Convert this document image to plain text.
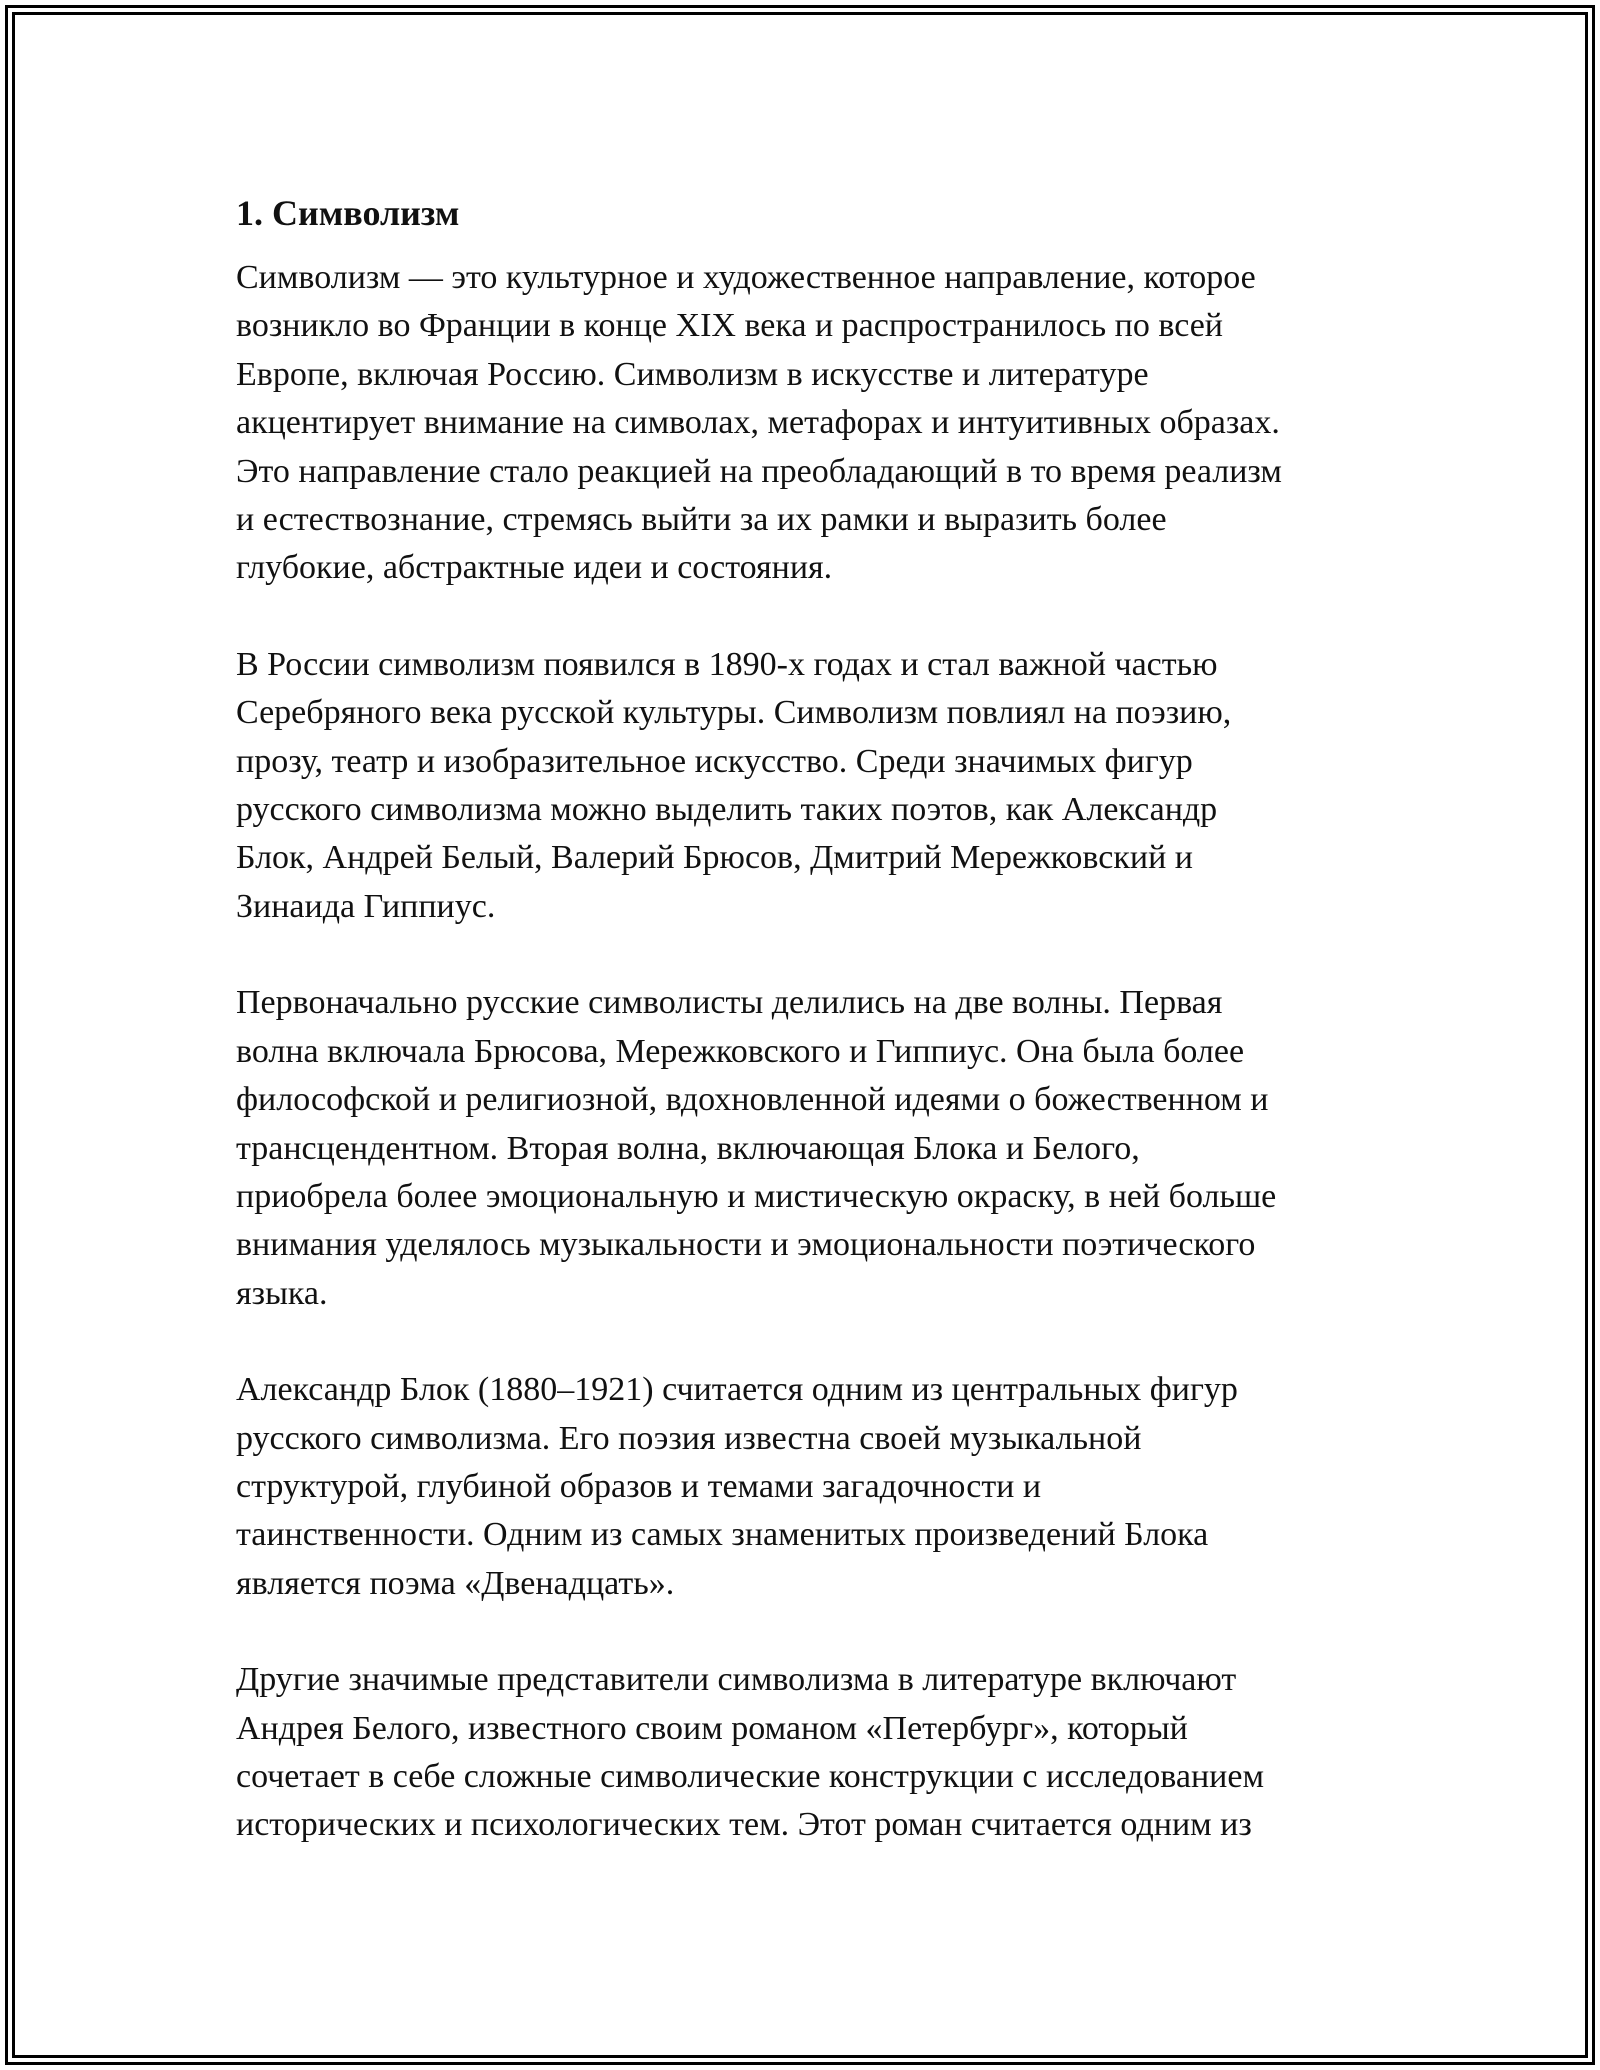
1. Символизм

Символизм — это культурное и художественное направление, которое
возникло во Франции в конце XIX века и распространилось по всей
Европе, включая Россию. Символизм в искусстве и литературе
акцентирует внимание на символах, метафорах и интуитивных образах.
Это направление стало реакцией на преобладающий в то время реализм
и естествознание, стремясь выйти за их рамки и выразить более
глубокие, абстрактные идеи и состояния.

В России символизм появился в 1890-х годах и стал важной частью
Серебряного века русской культуры. Символизм повлиял на поэзию,
прозу, театр и изобразительное искусство. Среди значимых фигур
русского символизма можно выделить таких поэтов, как Александр
Блок, Андрей Белый, Валерий Брюсов, Дмитрий Мережковский и
Зинаида Гиппиус.

Первоначально русские символисты делились на две волны. Первая
волна включала Брюсова, Мережковского и Гиппиус. Она была более
философской и религиозной, вдохновленной идеями о божественном и
трансцендентном. Вторая волна, включающая Блока и Белого,
приобрела более эмоциональную и мистическую окраску, в ней больше
внимания уделялось музыкальности и эмоциональности поэтического
языка.

Александр Блок (1880–1921) считается одним из центральных фигур
русского символизма. Его поэзия известна своей музыкальной
структурой, глубиной образов и темами загадочности и
таинственности. Одним из самых знаменитых произведений Блока
является поэма «Двенадцать».

Другие значимые представители символизма в литературе включают
Андрея Белого, известного своим романом «Петербург», который
сочетает в себе сложные символические конструкции с исследованием
исторических и психологических тем. Этот роман считается одним из
